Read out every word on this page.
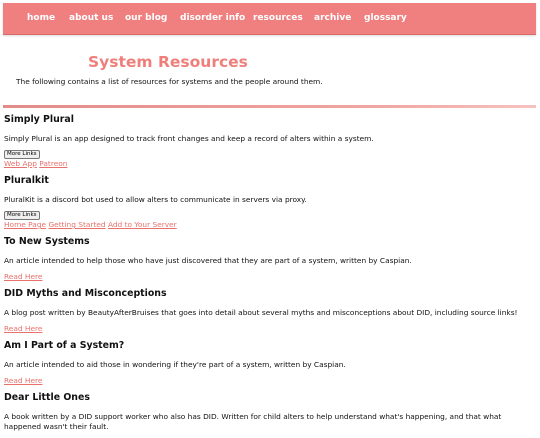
home about us our blog disorder info resources archive glossary
System Resources

The following contains a list of resources for systems and the people around them.

Simply Plural
Simply Plural is an app designed to track front changes and keep a record of alters within a system.
More Links
Web App Patreon
Pluralkit
PluralKit is a discord bot used to allow alters to communicate in servers via proxy.
More Links
Home Page Getting Started Add to Your Server
To New Systems
An article intended to help those who have just discovered that they are part of a system, written by Caspian.
Read Here
DID Myths and Misconceptions
A blog post written by BeautyAfterBruises that goes into detail about several myths and misconceptions about DID, including source links!
Read Here
Am I Part of a System?
An article intended to aid those in wondering if they're part of a system, written by Caspian.
Read Here
Dear Little Ones
A book written by a DID support worker who also has DID. Written for child alters to help understand what's happening, and that what happened wasn't their fault.
